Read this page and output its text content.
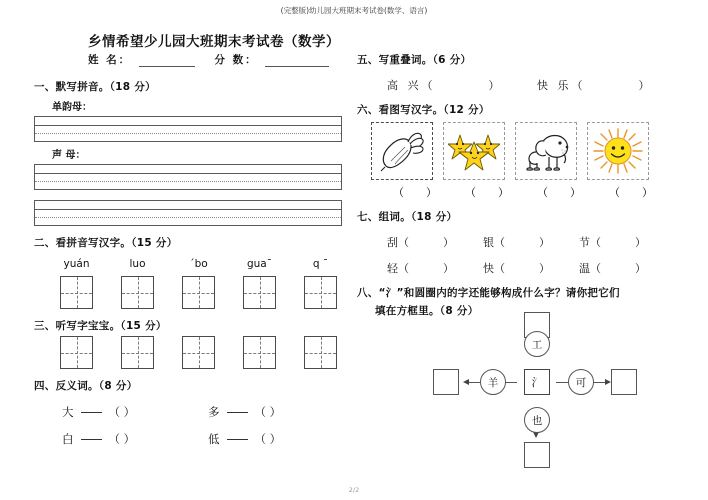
(完整版)幼儿园大班期末考试卷(数学、语言)
乡情希望少儿园大班期末考试卷（数学）
姓 名：	分 数：
一、默写拼音。（18 分）
单韵母：
声 母：
二、看拼音写汉字。（15 分）
yuán	luo	ˊbo	guaˉ	q ˉ
三、听写字宝宝。（15 分）
四、反义词。（8 分）
大	（ ）	多	（ ）
白	（ ）	低	（ ）
五、写重叠词。（6 分）
高 兴（）	快 乐（）
六、看图写汉字。（12 分）
（） （） （） （）
七、组词。（18 分）
刮（）	银（）	节（）
轻（）	快（）	温（）
八、“氵”和圆圈内的字还能够构成什么字？请你把它们
填在方框里。（8 分）
氵
工
羊	可
也
2/2
